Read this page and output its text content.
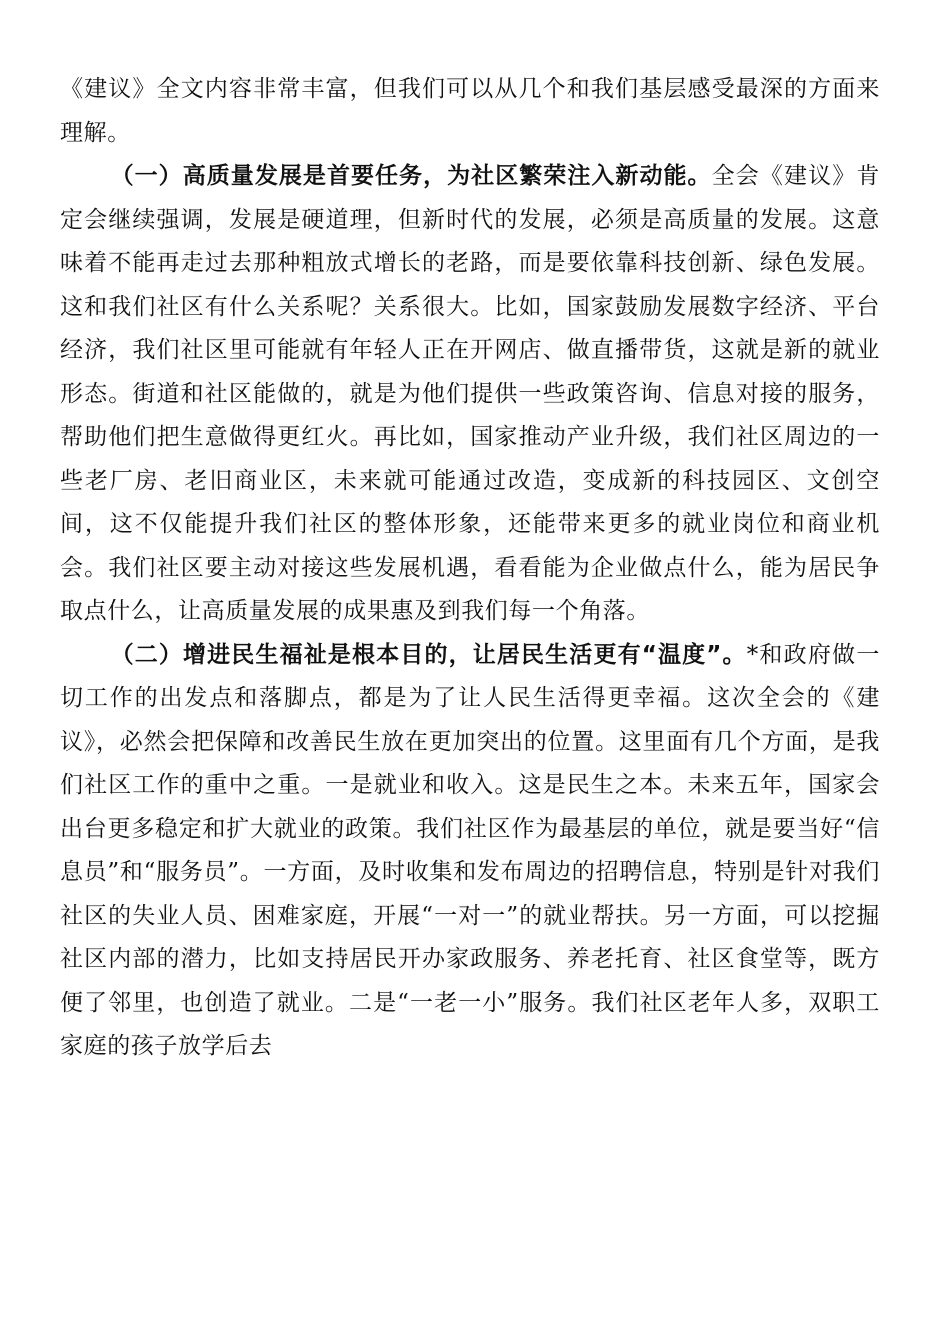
《建议》全文内容非常丰富，但我们可以从几个和我们基层感受最深的方面来理解。

（一）高质量发展是首要任务，为社区繁荣注入新动能。全会《建议》肯定会继续强调，发展是硬道理，但新时代的发展，必须是高质量的发展。这意味着不能再走过去那种粗放式增长的老路，而是要依靠科技创新、绿色发展。这和我们社区有什么关系呢？关系很大。比如，国家鼓励发展数字经济、平台经济，我们社区里可能就有年轻人正在开网店、做直播带货，这就是新的就业形态。街道和社区能做的，就是为他们提供一些政策咨询、信息对接的服务，帮助他们把生意做得更红火。再比如，国家推动产业升级，我们社区周边的一些老厂房、老旧商业区，未来就可能通过改造，变成新的科技园区、文创空间，这不仅能提升我们社区的整体形象，还能带来更多的就业岗位和商业机会。我们社区要主动对接这些发展机遇，看看能为企业做点什么，能为居民争取点什么，让高质量发展的成果惠及到我们每一个角落。

（二）增进民生福祉是根本目的，让居民生活更有“温度”。*和政府做一切工作的出发点和落脚点，都是为了让人民生活得更幸福。这次全会的《建议》，必然会把保障和改善民生放在更加突出的位置。这里面有几个方面，是我们社区工作的重中之重。一是就业和收入。这是民生之本。未来五年，国家会出台更多稳定和扩大就业的政策。我们社区作为最基层的单位，就是要当好“信息员”和“服务员”。一方面，及时收集和发布周边的招聘信息，特别是针对我们社区的失业人员、困难家庭，开展“一对一”的就业帮扶。另一方面，可以挖掘社区内部的潜力，比如支持居民开办家政服务、养老托育、社区食堂等，既方便了邻里，也创造了就业。二是“一老一小”服务。我们社区老年人多，双职工家庭的孩子放学后去
